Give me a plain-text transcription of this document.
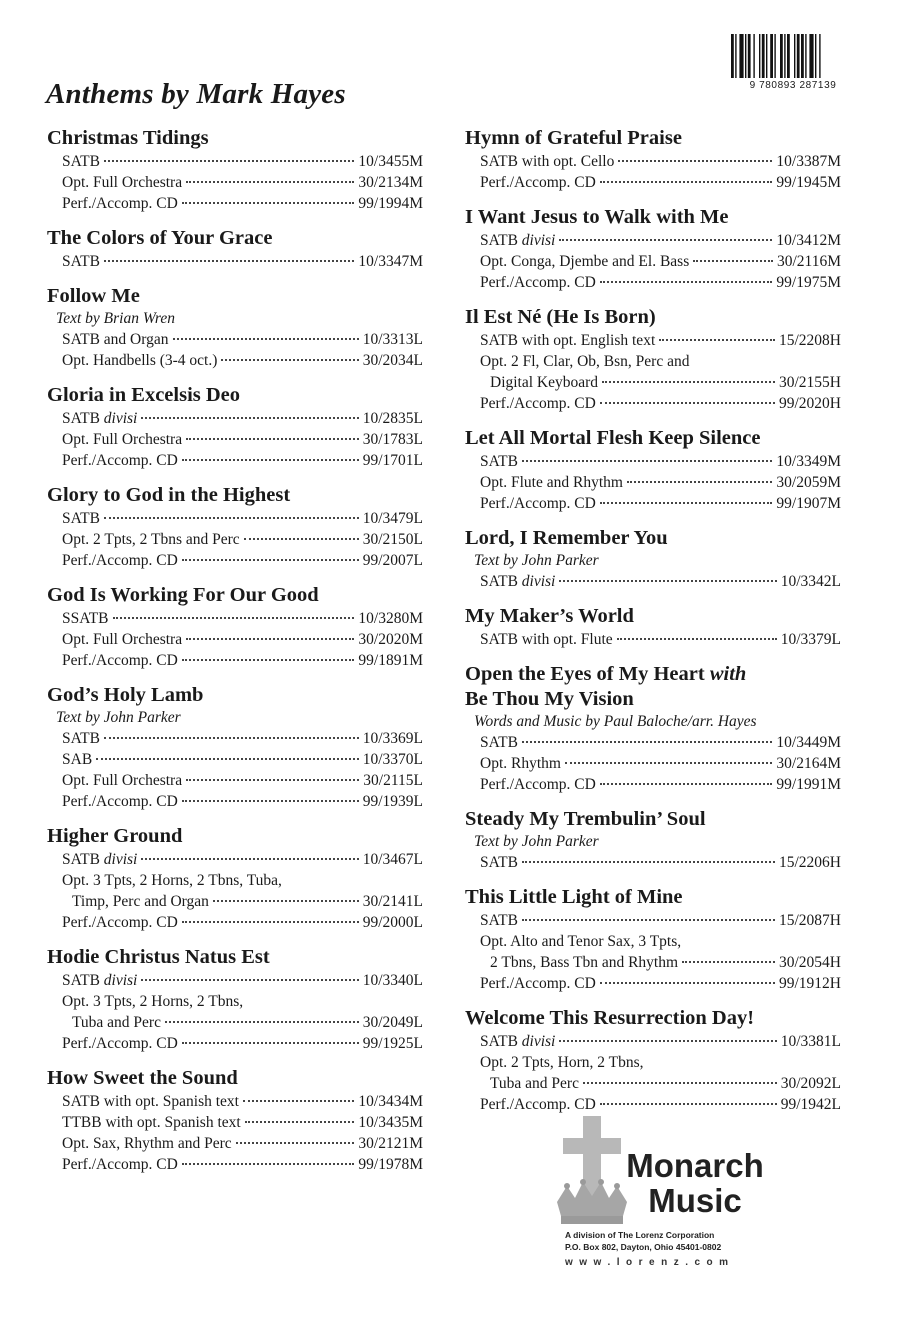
Anthems by Mark Hayes	9 780893 287139
Christmas Tidings
SATB	10/3455M
Opt. Full Orchestra	30/2134M
Perf./Accomp. CD	99/1994M
The Colors of Your Grace
SATB	10/3347M
Follow Me
Text by Brian Wren
SATB and Organ	10/3313L
Opt. Handbells (3-4 oct.)	30/2034L
Gloria in Excelsis Deo
SATB divisi	10/2835L
Opt. Full Orchestra	30/1783L
Perf./Accomp. CD	99/1701L
Glory to God in the Highest
SATB	10/3479L
Opt. 2 Tpts, 2 Tbns and Perc	30/2150L
Perf./Accomp. CD	99/2007L
God Is Working For Our Good
SSATB	10/3280M
Opt. Full Orchestra	30/2020M
Perf./Accomp. CD	99/1891M
God’s Holy Lamb
Text by John Parker
SATB	10/3369L
SAB	10/3370L
Opt. Full Orchestra	30/2115L
Perf./Accomp. CD	99/1939L
Higher Ground
SATB divisi	10/3467L
Opt. 3 Tpts, 2 Horns, 2 Tbns, Tuba,
Timp, Perc and Organ	30/2141L
Perf./Accomp. CD	99/2000L
Hodie Christus Natus Est
SATB divisi	10/3340L
Opt. 3 Tpts, 2 Horns, 2 Tbns,
Tuba and Perc	30/2049L
Perf./Accomp. CD	99/1925L
How Sweet the Sound
SATB with opt. Spanish text	10/3434M
TTBB with opt. Spanish text	10/3435M
Opt. Sax, Rhythm and Perc	30/2121M
Perf./Accomp. CD	99/1978M
Hymn of Grateful Praise
SATB with opt. Cello	10/3387M
Perf./Accomp. CD	99/1945M
I Want Jesus to Walk with Me
SATB divisi	10/3412M
Opt. Conga, Djembe and El. Bass	30/2116M
Perf./Accomp. CD	99/1975M
Il Est Né (He Is Born)
SATB with opt. English text	15/2208H
Opt. 2 Fl, Clar, Ob, Bsn, Perc and
Digital Keyboard	30/2155H
Perf./Accomp. CD	99/2020H
Let All Mortal Flesh Keep Silence
SATB	10/3349M
Opt. Flute and Rhythm	30/2059M
Perf./Accomp. CD	99/1907M
Lord, I Remember You
Text by John Parker
SATB divisi	10/3342L
My Maker’s World
SATB with opt. Flute	10/3379L
Open the Eyes of My Heart with
Be Thou My Vision
Words and Music by Paul Baloche/arr. Hayes
SATB	10/3449M
Opt. Rhythm	30/2164M
Perf./Accomp. CD	99/1991M
Steady My Trembulin’ Soul
Text by John Parker
SATB	15/2206H
This Little Light of Mine
SATB	15/2087H
Opt. Alto and Tenor Sax, 3 Tpts,
2 Tbns, Bass Tbn and Rhythm	30/2054H
Perf./Accomp. CD	99/1912H
Welcome This Resurrection Day!
SATB divisi	10/3381L
Opt. 2 Tpts, Horn, 2 Tbns,
Tuba and Perc	30/2092L
Perf./Accomp. CD	99/1942L
Monarch
Music
A division of The Lorenz Corporation
P.O. Box 802, Dayton, Ohio 45401-0802
www.lorenz.com
